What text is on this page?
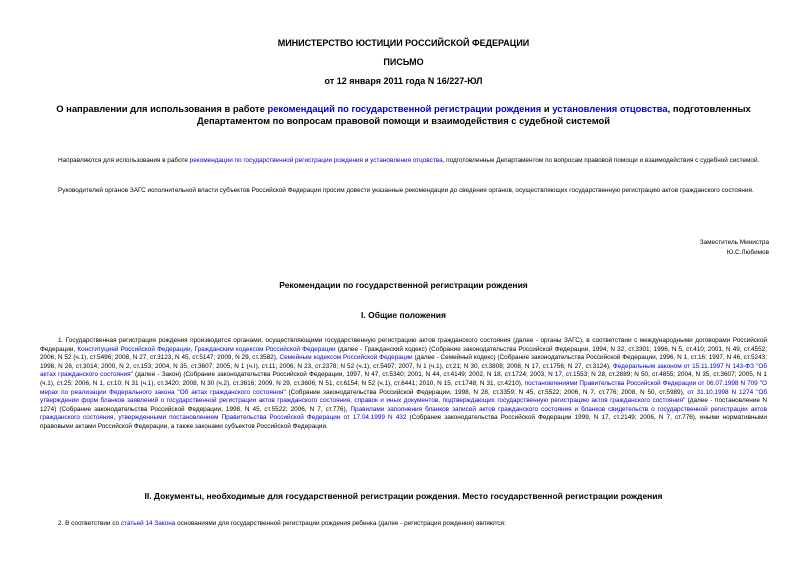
МИНИСТЕРСТВО ЮСТИЦИИ РОССИЙСКОЙ ФЕДЕРАЦИИ
ПИСЬМО
от 12 января 2011 года N 16/227-ЮЛ
О направлении для использования в работе рекомендаций по государственной регистрации рождения и установления отцовства, подготовленных Департаментом по вопросам правовой помощи и взаимодействия с судебной системой
Направляются для использования в работе рекомендации по государственной регистрации рождения и установления отцовства, подготовленные Департаментом по вопросам правовой помощи и взаимодействия с судебной системой.
Руководителей органов ЗАГС исполнительной власти субъектов Российской Федерации просим довести указанные рекомендации до сведения органов, осуществляющих государственную регистрацию актов гражданского состояния.
Заместитель Министра
Ю.С.Любимов
Рекомендации по государственной регистрации рождения
I. Общие положения
1. Государственная регистрация рождения производится органами, осуществляющими государственную регистрацию актов гражданского состояния (далее - органы ЗАГС), в соответствии с международными договорами Российской Федерации, Конституцией Российской Федерации, Гражданским кодексом Российской Федерации (далее - Гражданский кодекс) (Собрание законодательства Российской Федерации, 1994, N 32, ст.3301; 1996, N 5, ст.410; 2001, N 49, ст.4552; 2006, N 52 (ч.1), ст.5496; 2008, N 27, ст.3123, N 45, ст.5147; 2009, N 29, ст.3582), Семейным кодексом Российской Федерации (далее - Семейный кодекс) (Собрание законодательства Российской Федерации, 1996, N 1, ст.16; 1997, N 46, ст.5243; 1998, N 26, ст.3014; 2000, N 2, ст.153; 2004, N 35, ст.3607; 2005, N 1 (ч.I), ст.11; 2006, N 23, ст.2378; N 52 (ч.1), ст.5497; 2007, N 1 (ч.1), ст.21; N 30, ст.3808; 2008, N 17, ст.1756; N 27, ст.3124), Федеральным законом от 15.11.1997 N 143-ФЗ "Об актах гражданского состояния" (далее - Закон) (Собрание законодательства Российской Федерации, 1997, N 47, ст.5340; 2001, N 44, ст.4149; 2002, N 18, ст.1724; 2003, N 17, ст.1553; N 28, ст.2889; N 50, ст.4855; 2004, N 35, ст.3607; 2005, N 1 (ч.1), ст.25; 2006, N 1, ст.10; N 31 (ч.1), ст.3420; 2008, N 30 (ч.2), ст.3616; 2009, N 29, ст.3606; N 51, ст.6154; N 52 (ч.1), ст.6441; 2010, N 15, ст.1748; N 31, ст.4210), постановлениями Правительства Российской Федерации от 06.07.1998 N 709 "О мерах по реализации Федерального закона "Об актах гражданского состояния" (Собрание законодательства Российской Федерации, 1998, N 28, ст.3359; N 45, ст.5522; 2006, N 7, ст.776; 2008, N 50, ст.5989), от 31.10.1998 N 1274 "Об утверждении форм бланков заявлений о государственной регистрации актов гражданского состояния, справок и иных документов, подтверждающих государственную регистрацию актов гражданского состояния" (далее - постановление N 1274) (Собрание законодательства Российской Федерации, 1998, N 45, ст.5522; 2006, N 7, ст.776), Правилами заполнения бланков записей актов гражданского состояния и бланков свидетельств о государственной регистрации актов гражданского состояния, утвержденными постановлением Правительства Российской Федерации от 17.04.1999 N 432 (Собрание законодательства Российской Федерации 1999, N 17, ст.2149; 2006, N 7, ст.776), иными нормативными правовыми актами Российской Федерации, а также законами субъектов Российской Федерации.
II. Документы, необходимые для государственной регистрации рождения. Место государственной регистрации рождения
2. В соответствии со статьей 14 Закона основаниями для государственной регистрации рождения ребенка (далее - регистрация рождения) являются:
